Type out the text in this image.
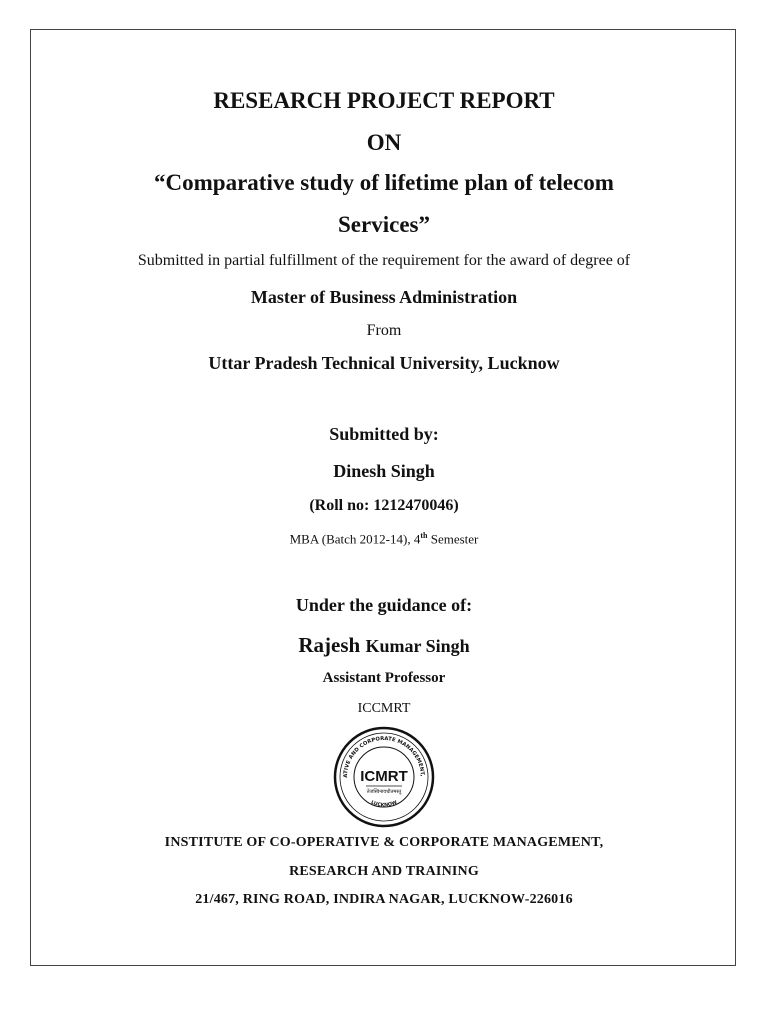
RESEARCH PROJECT REPORT
ON
“Comparative study of lifetime plan of telecom
Services”
Submitted in partial fulfillment of the requirement for the award of degree of
Master of Business Administration
From
Uttar Pradesh Technical University, Lucknow
Submitted by:
Dinesh Singh
(Roll no: 1212470046)
MBA (Batch 2012-14), 4th Semester
Under the guidance of:
Rajesh Kumar Singh
Assistant Professor
ICCMRT
ATIVE AND CORPORATE MANAGEMENT,
LUCKNOW
ICMRT
तेजस्विनावधीतमस्तु
INSTITUTE OF CO-OPERATIVE & CORPORATE MANAGEMENT,
RESEARCH AND TRAINING
21/467, RING ROAD, INDIRA NAGAR, LUCKNOW-226016
